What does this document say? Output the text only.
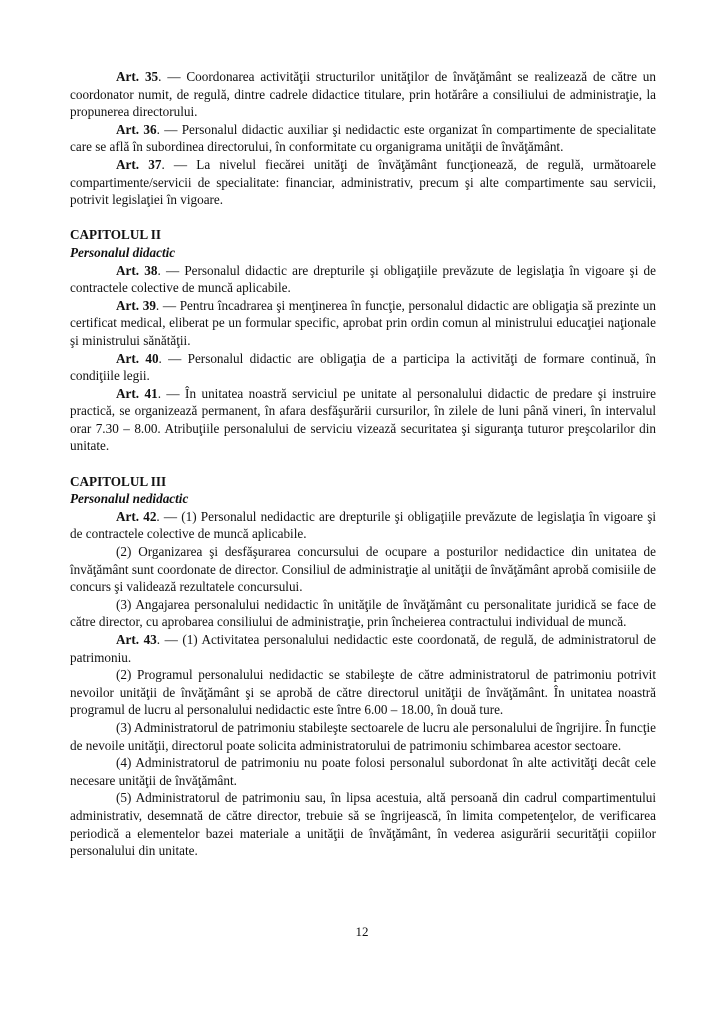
Art. 35. — Coordonarea activităţii structurilor unităţilor de învăţământ se realizează de către un coordonator numit, de regulă, dintre cadrele didactice titulare, prin hotărâre a consiliului de administraţie, la propunerea directorului.

Art. 36. — Personalul didactic auxiliar şi nedidactic este organizat în compartimente de specialitate care se află în subordinea directorului, în conformitate cu organigrama unităţii de învăţământ.

Art. 37. — La nivelul fiecărei unităţi de învăţământ funcţionează, de regulă, următoarele compartimente/servicii de specialitate: financiar, administrativ, precum şi alte compartimente sau servicii, potrivit legislaţiei în vigoare.

CAPITOLUL II

Personalul didactic

Art. 38. — Personalul didactic are drepturile şi obligaţiile prevăzute de legislaţia în vigoare şi de contractele colective de muncă aplicabile.

Art. 39. — Pentru încadrarea şi menţinerea în funcţie, personalul didactic are obligaţia să prezinte un certificat medical, eliberat pe un formular specific, aprobat prin ordin comun al ministrului educaţiei naţionale şi ministrului sănătăţii.

Art. 40. — Personalul didactic are obligaţia de a participa la activităţi de formare continuă, în condiţiile legii.

Art. 41. — În unitatea noastră serviciul pe unitate al personalului didactic de predare şi instruire practică, se organizează permanent, în afara desfăşurării cursurilor, în zilele de luni până vineri, în intervalul orar 7.30 – 8.00. Atribuţiile personalului de serviciu vizează securitatea şi siguranţa tuturor preşcolarilor din unitate.

CAPITOLUL III

Personalul nedidactic

Art. 42. — (1) Personalul nedidactic are drepturile şi obligaţiile prevăzute de legislaţia în vigoare şi de contractele colective de muncă aplicabile.

(2) Organizarea şi desfăşurarea concursului de ocupare a posturilor nedidactice din unitatea de învăţământ sunt coordonate de director. Consiliul de administraţie al unităţii de învăţământ aprobă comisiile de concurs şi validează rezultatele concursului.

(3) Angajarea personalului nedidactic în unităţile de învăţământ cu personalitate juridică se face de către director, cu aprobarea consiliului de administraţie, prin încheierea contractului individual de muncă.

Art. 43. — (1) Activitatea personalului nedidactic este coordonată, de regulă, de administratorul de patrimoniu.

(2) Programul personalului nedidactic se stabileşte de către administratorul de patrimoniu potrivit nevoilor unităţii de învăţământ şi se aprobă de către directorul unităţii de învăţământ. În unitatea noastră programul de lucru al personalului nedidactic este între 6.00 – 18.00, în două ture.

(3) Administratorul de patrimoniu stabileşte sectoarele de lucru ale personalului de îngrijire. În funcţie de nevoile unităţii, directorul poate solicita administratorului de patrimoniu schimbarea acestor sectoare.

(4) Administratorul de patrimoniu nu poate folosi personalul subordonat în alte activităţi decât cele necesare unităţii de învăţământ.

(5) Administratorul de patrimoniu sau, în lipsa acestuia, altă persoană din cadrul compartimentului administrativ, desemnată de către director, trebuie să se îngrijească, în limita competenţelor, de verificarea periodică a elementelor bazei materiale a unităţii de învăţământ, în vederea asigurării securităţii copiilor personalului din unitate.

12
